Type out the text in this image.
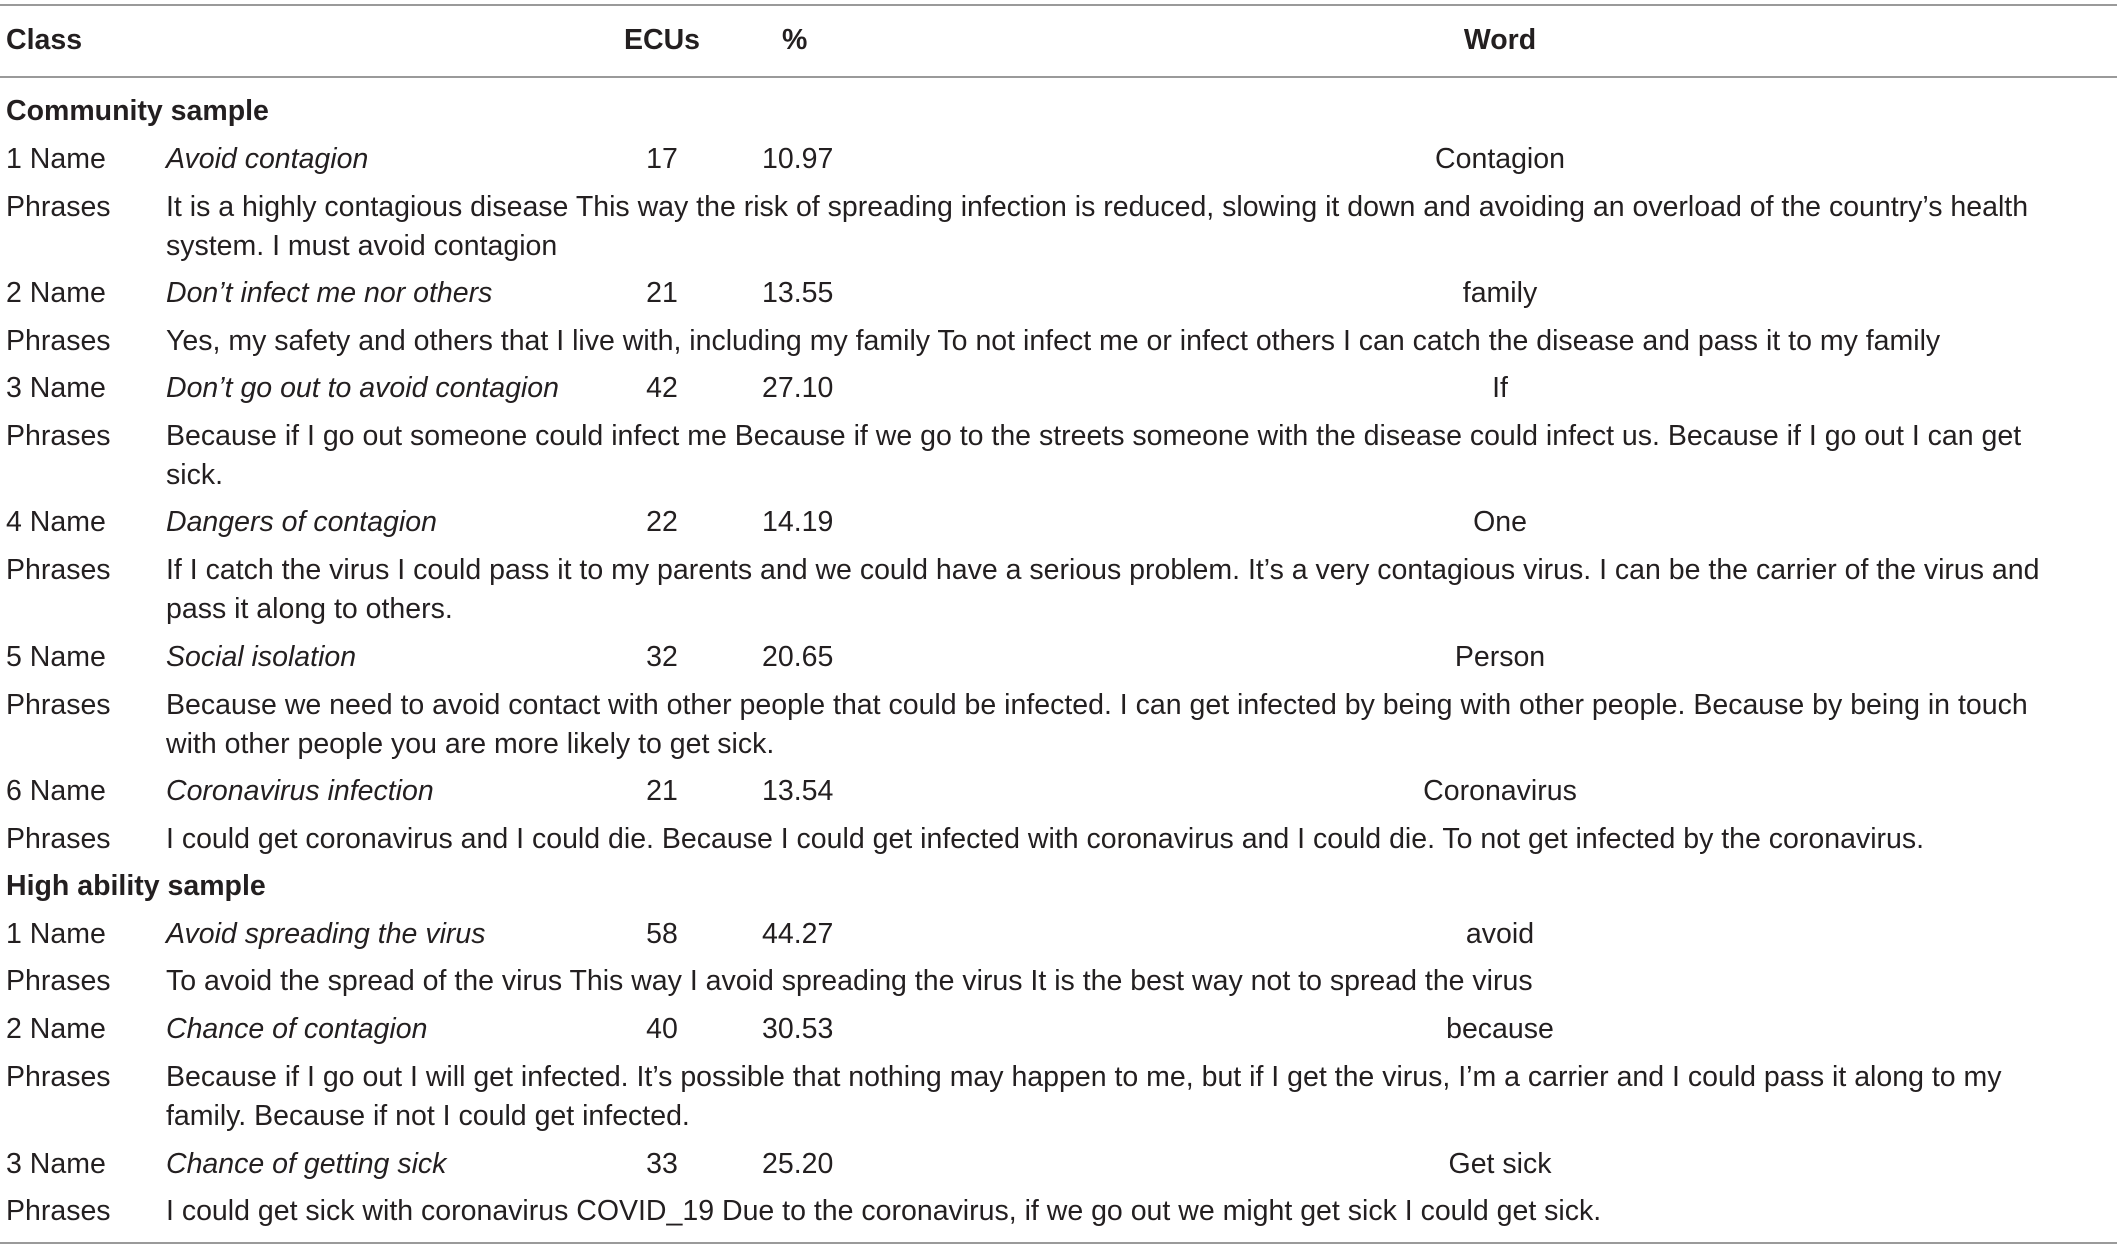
Class	ECUs	%	Word
Community sample
1 Name Avoid contagion	17	10.97	Contagion
Phrases It is a highly contagious disease This way the risk of spreading infection is reduced, slowing it down and avoiding an overload of the country’s health system. I must avoid contagion
2 Name Don’t infect me nor others	21	13.55	family
Phrases Yes, my safety and others that I live with, including my family To not infect me or infect others I can catch the disease and pass it to my family
3 Name Don’t go out to avoid contagion	42	27.10	If
Phrases Because if I go out someone could infect me Because if we go to the streets someone with the disease could infect us. Because if I go out I can get sick.
4 Name Dangers of contagion	22	14.19	One
Phrases If I catch the virus I could pass it to my parents and we could have a serious problem. It’s a very contagious virus. I can be the carrier of the virus and pass it along to others.
5 Name Social isolation	32	20.65	Person
Phrases Because we need to avoid contact with other people that could be infected. I can get infected by being with other people. Because by being in touch with other people you are more likely to get sick.
6 Name Coronavirus infection	21	13.54	Coronavirus
Phrases I could get coronavirus and I could die. Because I could get infected with coronavirus and I could die. To not get infected by the coronavirus.
High ability sample
1 Name Avoid spreading the virus	58	44.27	avoid
Phrases To avoid the spread of the virus This way I avoid spreading the virus It is the best way not to spread the virus
2 Name Chance of contagion	40	30.53	because
Phrases Because if I go out I will get infected. It’s possible that nothing may happen to me, but if I get the virus, I’m a carrier and I could pass it along to my family. Because if not I could get infected.
3 Name Chance of getting sick	33	25.20	Get sick
Phrases I could get sick with coronavirus COVID_19 Due to the coronavirus, if we go out we might get sick I could get sick.
